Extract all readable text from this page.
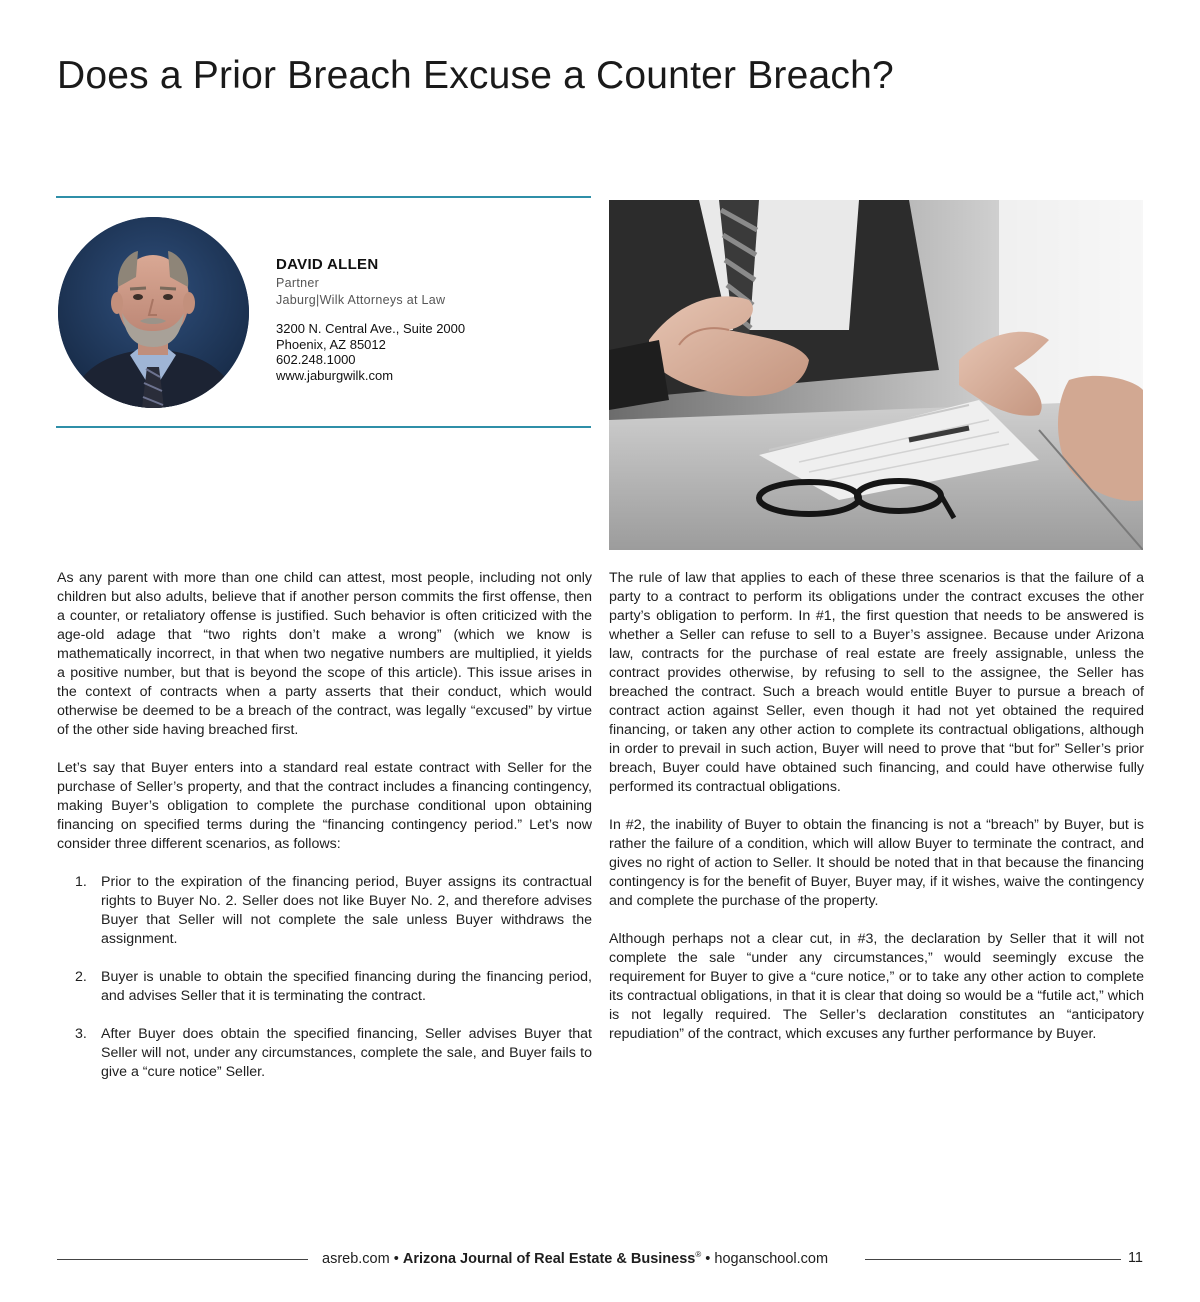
Does a Prior Breach Excuse a Counter Breach?
DAVID ALLEN
Partner
Jaburg|Wilk Attorneys at Law
3200 N. Central Ave., Suite 2000
Phoenix, AZ 85012
602.248.1000
www.jaburgwilk.com

As any parent with more than one child can attest, most people, including not only children but also adults, believe that if another person commits the first offense, then a counter, or retaliatory offense is justified. Such behavior is often criticized with the age-old adage that “two rights don’t make a wrong” (which we know is mathematically incorrect, in that when two negative numbers are multiplied, it yields a positive number, but that is beyond the scope of this article). This issue arises in the context of contracts when a party asserts that their conduct, which would otherwise be deemed to be a breach of the contract, was legally “excused” by virtue of the other side having breached first.

Let’s say that Buyer enters into a standard real estate contract with Seller for the purchase of Seller’s property, and that the contract includes a financing contingency, making Buyer’s obligation to complete the purchase conditional upon obtaining financing on specified terms during the “financing contingency period.” Let’s now consider three different scenarios, as follows:

1. Prior to the expiration of the financing period, Buyer assigns its contractual rights to Buyer No. 2. Seller does not like Buyer No. 2, and therefore advises Buyer that Seller will not complete the sale unless Buyer withdraws the assignment.
2. Buyer is unable to obtain the specified financing during the financing period, and advises Seller that it is terminating the contract.
3. After Buyer does obtain the specified financing, Seller advises Buyer that Seller will not, under any circumstances, complete the sale, and Buyer fails to give a “cure notice” Seller.

The rule of law that applies to each of these three scenarios is that the failure of a party to a contract to perform its obligations under the contract excuses the other party’s obligation to perform. In #1, the first question that needs to be answered is whether a Seller can refuse to sell to a Buyer’s assignee. Because under Arizona law, contracts for the purchase of real estate are freely assignable, unless the contract provides otherwise, by refusing to sell to the assignee, the Seller has breached the contract. Such a breach would entitle Buyer to pursue a breach of contract action against Seller, even though it had not yet obtained the required financing, or taken any other action to complete its contractual obligations, although in order to prevail in such action, Buyer will need to prove that “but for” Seller’s prior breach, Buyer could have obtained such financing, and could have otherwise fully performed its contractual obligations.

In #2, the inability of Buyer to obtain the financing is not a “breach” by Buyer, but is rather the failure of a condition, which will allow Buyer to terminate the contract, and gives no right of action to Seller. It should be noted that in that because the financing contingency is for the benefit of Buyer, Buyer may, if it wishes, waive the contingency and complete the purchase of the property.

Although perhaps not a clear cut, in #3, the declaration by Seller that it will not complete the sale “under any circumstances,” would seemingly excuse the requirement for Buyer to give a “cure notice,” or to take any other action to complete its contractual obligations, in that it is clear that doing so would be a “futile act,” which is not legally required. The Seller’s declaration constitutes an “anticipatory repudiation” of the contract, which excuses any further performance by Buyer.

asreb.com • Arizona Journal of Real Estate & Business® • hoganschool.com	11
